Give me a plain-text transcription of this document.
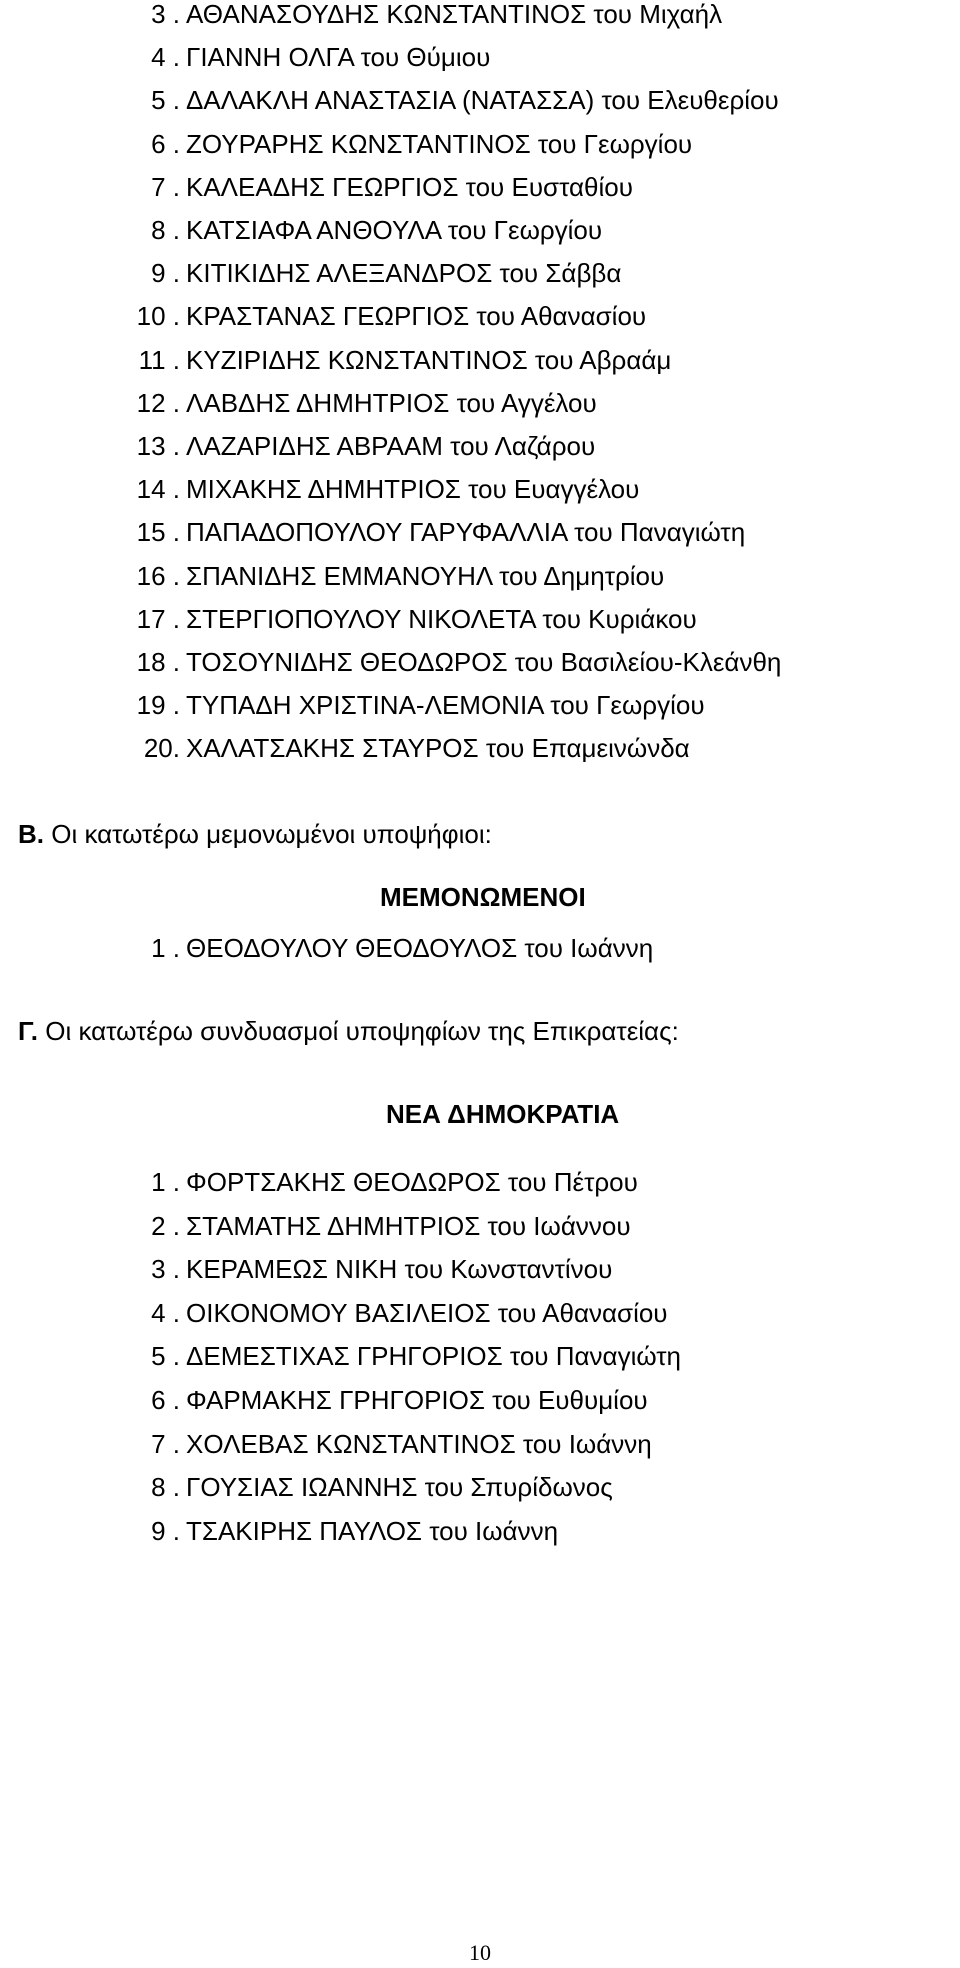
Β. Οι κατωτέρω μεμονωμένοι υποψήφιοι:
ΜΕΜΟΝΩΜΕΝΟΙ
10
3 . ΑΘΑΝΑΣΟΥΔΗΣ ΚΩΝΣΤΑΝΤΙΝΟΣ του Μιχαήλ
4 . ΓΙΑΝΝΗ ΟΛΓΑ του Θύμιου
5 . ΔΑΛΑΚΛΗ ΑΝΑΣΤΑΣΙΑ (ΝΑΤΑΣΣΑ) του Ελευθερίου
6 . ΖΟΥΡΑΡΗΣ ΚΩΝΣΤΑΝΤΙΝΟΣ του Γεωργίου
7 . ΚΑΛΕΑΔΗΣ ΓΕΩΡΓΙΟΣ του Ευσταθίου
8 . ΚΑΤΣΙΑΦΑ ΑΝΘΟΥΛΑ του Γεωργίου
9 . ΚΙΤΙΚΙΔΗΣ ΑΛΕΞΑΝΔΡΟΣ του Σάββα
10 . ΚΡΑΣΤΑΝΑΣ ΓΕΩΡΓΙΟΣ του Αθανασίου
11 . ΚΥΖΙΡΙΔΗΣ ΚΩΝΣΤΑΝΤΙΝΟΣ του Αβραάμ
12 . ΛΑΒΔΗΣ ΔΗΜΗΤΡΙΟΣ του Αγγέλου
13 . ΛΑΖΑΡΙΔΗΣ ΑΒΡΑΑΜ του Λαζάρου
14 . ΜΙΧΑΚΗΣ ΔΗΜΗΤΡΙΟΣ του Ευαγγέλου
15 . ΠΑΠΑΔΟΠΟΥΛΟΥ ΓΑΡΥΦΑΛΛΙΑ του Παναγιώτη
16 . ΣΠΑΝΙΔΗΣ ΕΜΜΑΝΟΥΗΛ του Δημητρίου
17 . ΣΤΕΡΓΙΟΠΟΥΛΟΥ ΝΙΚΟΛΕΤΑ του Κυριάκου
18 . ΤΟΣΟΥΝΙΔΗΣ ΘΕΟΔΩΡΟΣ του Βασιλείου-Κλεάνθη
19 . ΤΥΠΑΔΗ ΧΡΙΣΤΙΝΑ-ΛΕΜΟΝΙΑ του Γεωργίου
20. ΧΑΛΑΤΣΑΚΗΣ ΣΤΑΥΡΟΣ του Επαμεινώνδα
1 . ΘΕΟΔΟΥΛΟΥ ΘΕΟΔΟΥΛΟΣ του Ιωάννη
Γ. Οι κατωτέρω συνδυασμοί υποψηφίων της Επικρατείας:
ΝΕΑ ΔΗΜΟΚΡΑΤΙΑ
1 . ΦΟΡΤΣΑΚΗΣ ΘΕΟΔΩΡΟΣ του Πέτρου
2 . ΣΤΑΜΑΤΗΣ ΔΗΜΗΤΡΙΟΣ του Ιωάννου
3 . ΚΕΡΑΜΕΩΣ ΝΙΚΗ του Κωνσταντίνου
4 . ΟΙΚΟΝΟΜΟΥ ΒΑΣΙΛΕΙΟΣ του Αθανασίου
5 . ΔΕΜΕΣΤΙΧΑΣ ΓΡΗΓΟΡΙΟΣ του Παναγιώτη
6 . ΦΑΡΜΑΚΗΣ ΓΡΗΓΟΡΙΟΣ του Ευθυμίου
7 . ΧΟΛΕΒΑΣ ΚΩΝΣΤΑΝΤΙΝΟΣ του Ιωάννη
8 . ΓΟΥΣΙΑΣ ΙΩΑΝΝΗΣ του Σπυρίδωνος
9 . ΤΣΑΚΙΡΗΣ ΠΑΥΛΟΣ του Ιωάννη
